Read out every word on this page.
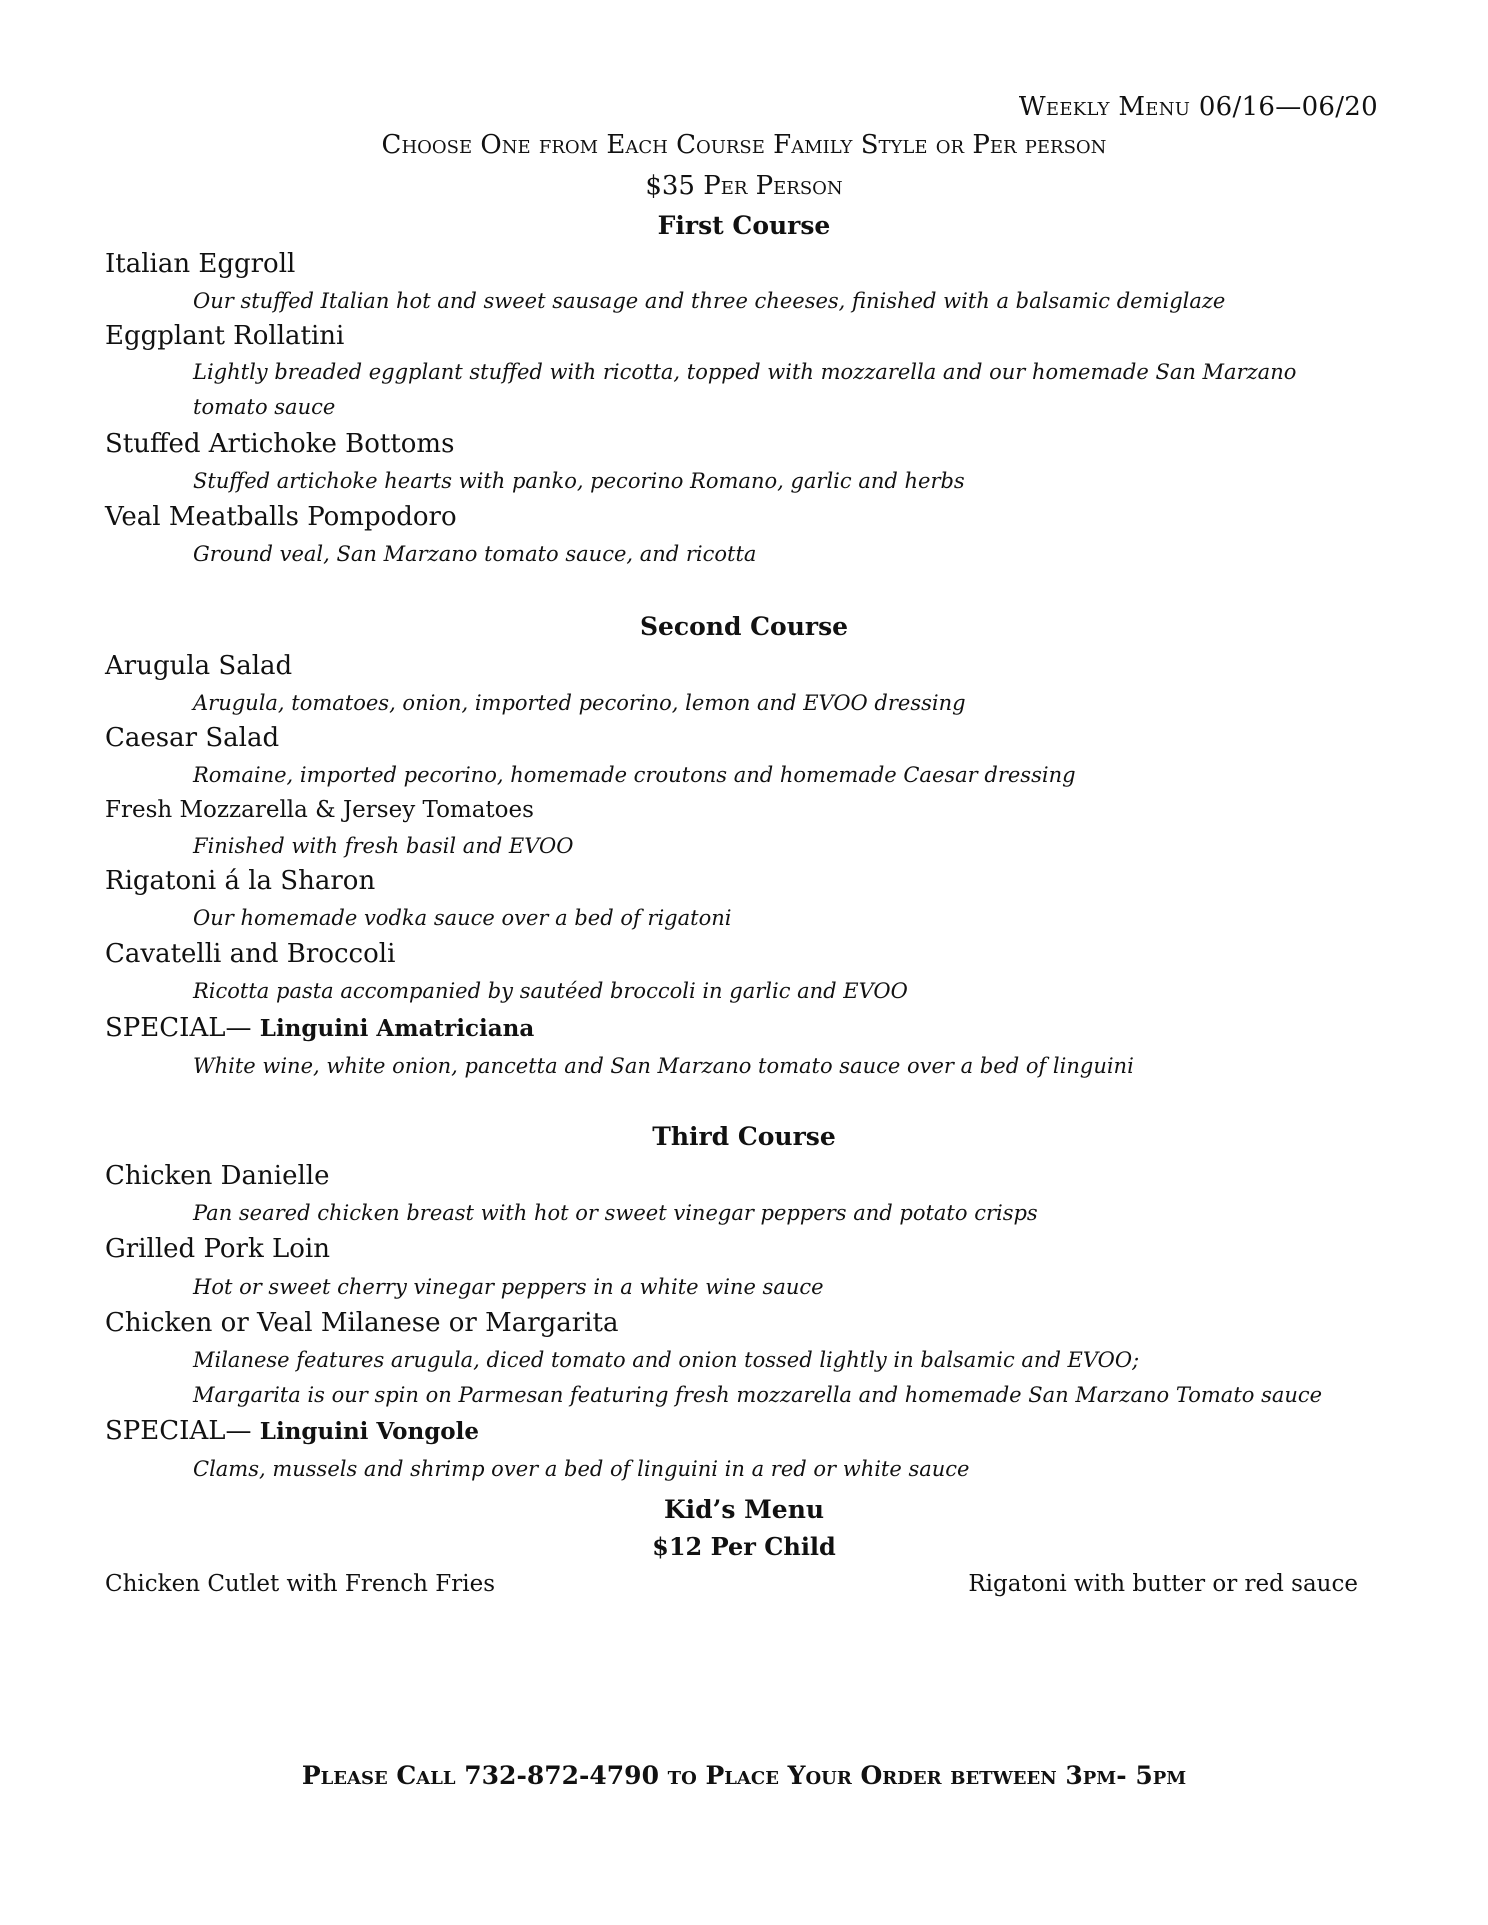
Weekly Menu 06/16—06/20
Choose One from Each Course Family Style or Per person
$35 Per Person
First Course
Italian Eggroll
Our stuffed Italian hot and sweet sausage and three cheeses, finished with a balsamic demiglaze
Eggplant Rollatini
Lightly breaded eggplant stuffed with ricotta, topped with mozzarella and our homemade San Marzano tomato sauce
Stuffed Artichoke Bottoms
Stuffed artichoke hearts with panko, pecorino Romano, garlic and herbs
Veal Meatballs Pompodoro
Ground veal, San Marzano tomato sauce, and ricotta
Second Course
Arugula Salad
Arugula, tomatoes, onion, imported pecorino, lemon and EVOO dressing
Caesar Salad
Romaine, imported pecorino, homemade croutons and homemade Caesar dressing
Fresh Mozzarella & Jersey Tomatoes
Finished with fresh basil and EVOO
Rigatoni á la Sharon
Our homemade vodka sauce over a bed of rigatoni
Cavatelli and Broccoli
Ricotta pasta accompanied by sautéed broccoli in garlic and EVOO
SPECIAL— Linguini Amatriciana
White wine, white onion, pancetta and San Marzano tomato sauce over a bed of linguini
Third Course
Chicken Danielle
Pan seared chicken breast with hot or sweet vinegar peppers and potato crisps
Grilled Pork Loin
Hot or sweet cherry vinegar peppers in a white wine sauce
Chicken or Veal Milanese or Margarita
Milanese features arugula, diced tomato and onion tossed lightly in balsamic and EVOO;
Margarita is our spin on Parmesan featuring fresh mozzarella and homemade San Marzano Tomato sauce
SPECIAL— Linguini Vongole
Clams, mussels and shrimp over a bed of linguini in a red or white sauce
Kid’s Menu
$12 Per Child
Chicken Cutlet with French Fries	Rigatoni with butter or red sauce
Please Call 732-872-4790 to Place Your Order between 3pm- 5pm
